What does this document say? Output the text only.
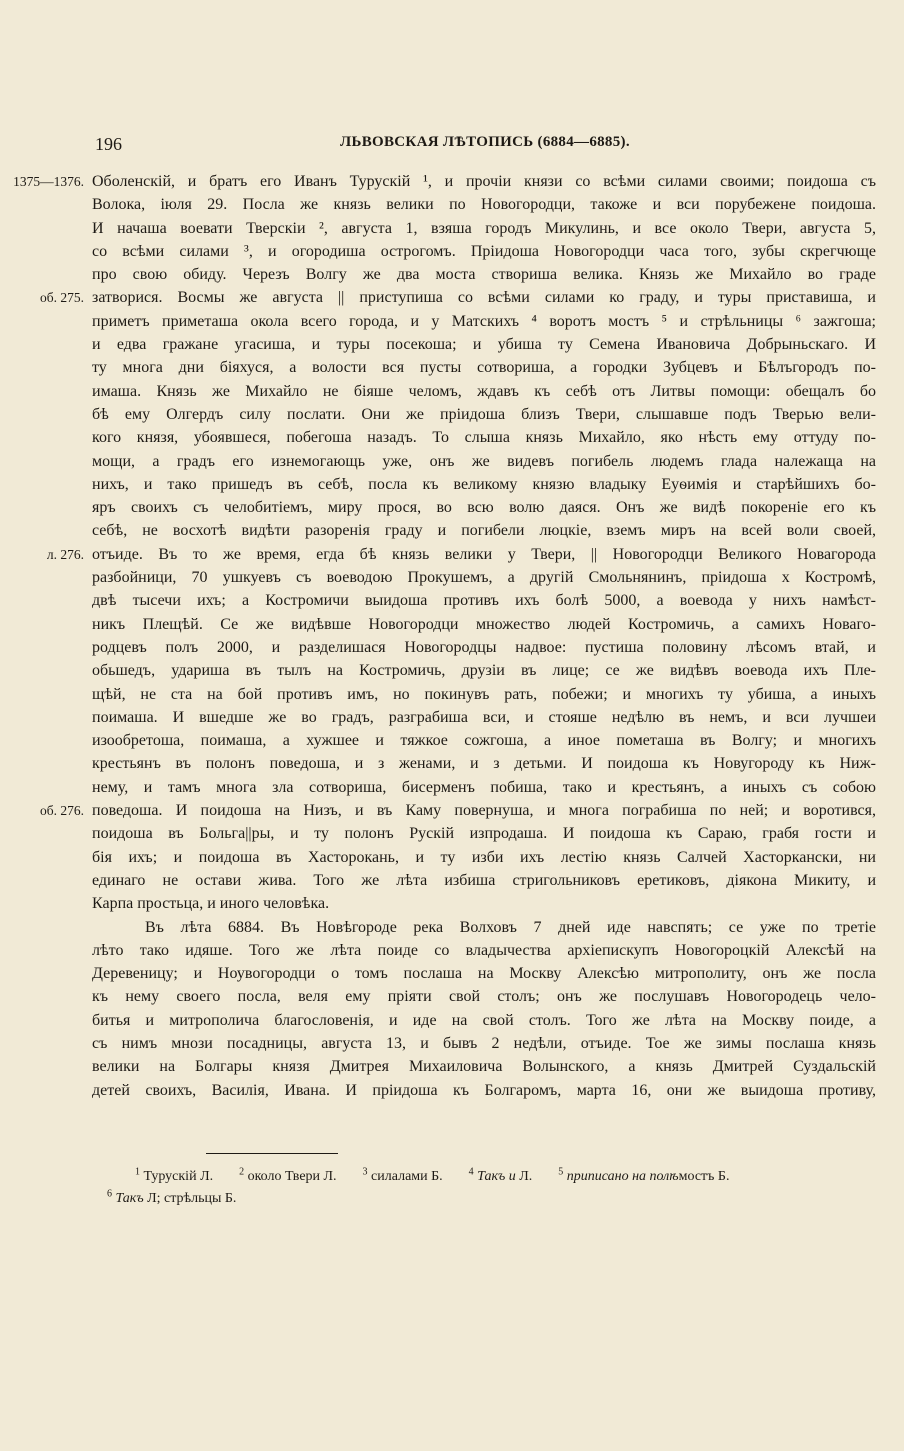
196	ЛЬВОВСКАЯ ЛѢТОПИСЬ (6884—6885).
1375—1376. Оболенскій, и братъ его Иванъ Турускій ¹, и прочіи князи со всѣми силами своими; поидоша съ
Волока, іюля 29. Посла же князь велики по Новогородци, такоже и вси порубежене поидоша.
И начаша воевати Тверскіи ², августа 1, взяша городъ Микулинь, и все около Твери, августа 5,
со всѣми силами ³, и огородиша острогомъ. Пріидоша Новогородци часа того, зубы скрегчюще
про свою обиду. Черезъ Волгу же два моста створиша велика. Князь же Михайло во граде
об. 275. затворися. Восмы же августа || приступиша со всѣми силами ко граду, и туры приставиша, и
приметъ приметаша окола всего города, и у Матскихъ ⁴ воротъ мостъ ⁵ и стрѣльницы ⁶ зажгоша;
и едва гражане угасиша, и туры посекоша; и убиша ту Семена Ивановича Добрыньскаго. И
ту многа дни біяхуся, а волости вся пусты сотвориша, а городки Зубцевъ и Бѣлъгородъ по-
имаша. Князь же Михайло не біяше челомъ, ждавъ къ себѣ отъ Литвы помощи: обещалъ бо
бѣ ему Олгердъ силу послати. Они же пріидоша близъ Твери, слышавше подъ Тверью вели-
кого князя, убоявшеся, побегоша назадъ. То слыша князь Михайло, яко нѣсть ему оттуду по-
мощи, а градъ его изнемогающь уже, онъ же видевъ погибель людемъ глада належаща на
нихъ, и тако пришедъ въ себѣ, посла къ великому князю владыку Еуѳимія и старѣйшихъ бо-
яръ своихъ съ челобитіемъ, миру прося, во всю волю даяся. Онъ же видѣ покореніе его къ
себѣ, не восхотѣ видѣти разоренія граду и погибели люцкіе, вземъ миръ на всей воли своей,
л. 276. отъиде. Въ то же время, егда бѣ князь велики у Твери, || Новогородци Великого Новагорода
разбойници, 70 ушкуевъ съ воеводою Прокушемъ, а другій Смольнянинъ, пріидоша х Костромѣ,
двѣ тысечи ихъ; а Костромичи выидоша противъ ихъ болѣ 5000, а воевода у нихъ намѣст-
никъ Плещѣй. Се же видѣвше Новогородци множество людей Костромичь, а самихъ Новаго-
родцевъ полъ 2000, и разделишася Новогородцы надвое: пустиша половину лѣсомъ втай, и
обьшедъ, удариша въ тылъ на Костромичь, друзіи въ лице; се же видѣвъ воевода ихъ Пле-
щѣй, не ста на бой противъ имъ, но покинувъ рать, побежи; и многихъ ту убиша, а иныхъ
поимаша. И вшедше же во градъ, разграбиша вси, и стояше недѣлю въ немъ, и вси лучшеи
изообретоша, поимаша, а хужшее и тяжкое сожгоша, а иное пометаша въ Волгу; и многихъ
крестьянъ въ полонъ поведоша, и з женами, и з детьми. И поидоша къ Новугороду къ Ниж-
нему, и тамъ многа зла сотвориша, бисерменъ побиша, тако и крестьянъ, а иныхъ съ собою
об. 276. поведоша. И поидоша на Низъ, и въ Каму повернуша, и многа пограбиша по ней; и воротився,
поидоша въ Больга||ры, и ту полонъ Рускій изпродаша. И поидоша къ Сараю, грабя гости и
бія ихъ; и поидоша въ Хасторокань, и ту изби ихъ лестію князь Салчей Хасторкански, ни
единаго не остави жива. Того же лѣта избиша стригольниковъ еретиковъ, діякона Микиту, и
Карпа простьца, и иного человѣка.
Въ лѣта 6884. Въ Новѣгороде река Волховъ 7 дней иде навспять; се уже по третіе
лѣто тако идяше. Того же лѣта поиде со владычества архіепискупъ Новогороцкій Алексѣй на
Деревеницу; и Ноувогородци о томъ послаша на Москву Алексѣю митрополиту, онъ же посла
къ нему своего посла, веля ему пріяти свой столъ; онъ же послушавъ Новогородець чело-
битья и митрополича благословенія, и иде на свой столъ. Того же лѣта на Москву поиде, а
съ нимъ мнози посадницы, августа 13, и бывъ 2 недѣли, отъиде. Тое же зимы послаша князь
велики на Болгары князя Дмитрея Михаиловича Волынского, а князь Дмитрей Суздальскій
детей своихъ, Василія, Ивана. И пріидоша къ Болгаромъ, марта 16, они же выидоша противу,
$^1$ Турускій Л.	$^2$ около Твери Л.	$^3$ силалами Б.	$^4$ Такъ и Л.	$^5$ приписано на полѣмостъ Б.
$^6$ Такъ Л; стрѣльцы Б.
